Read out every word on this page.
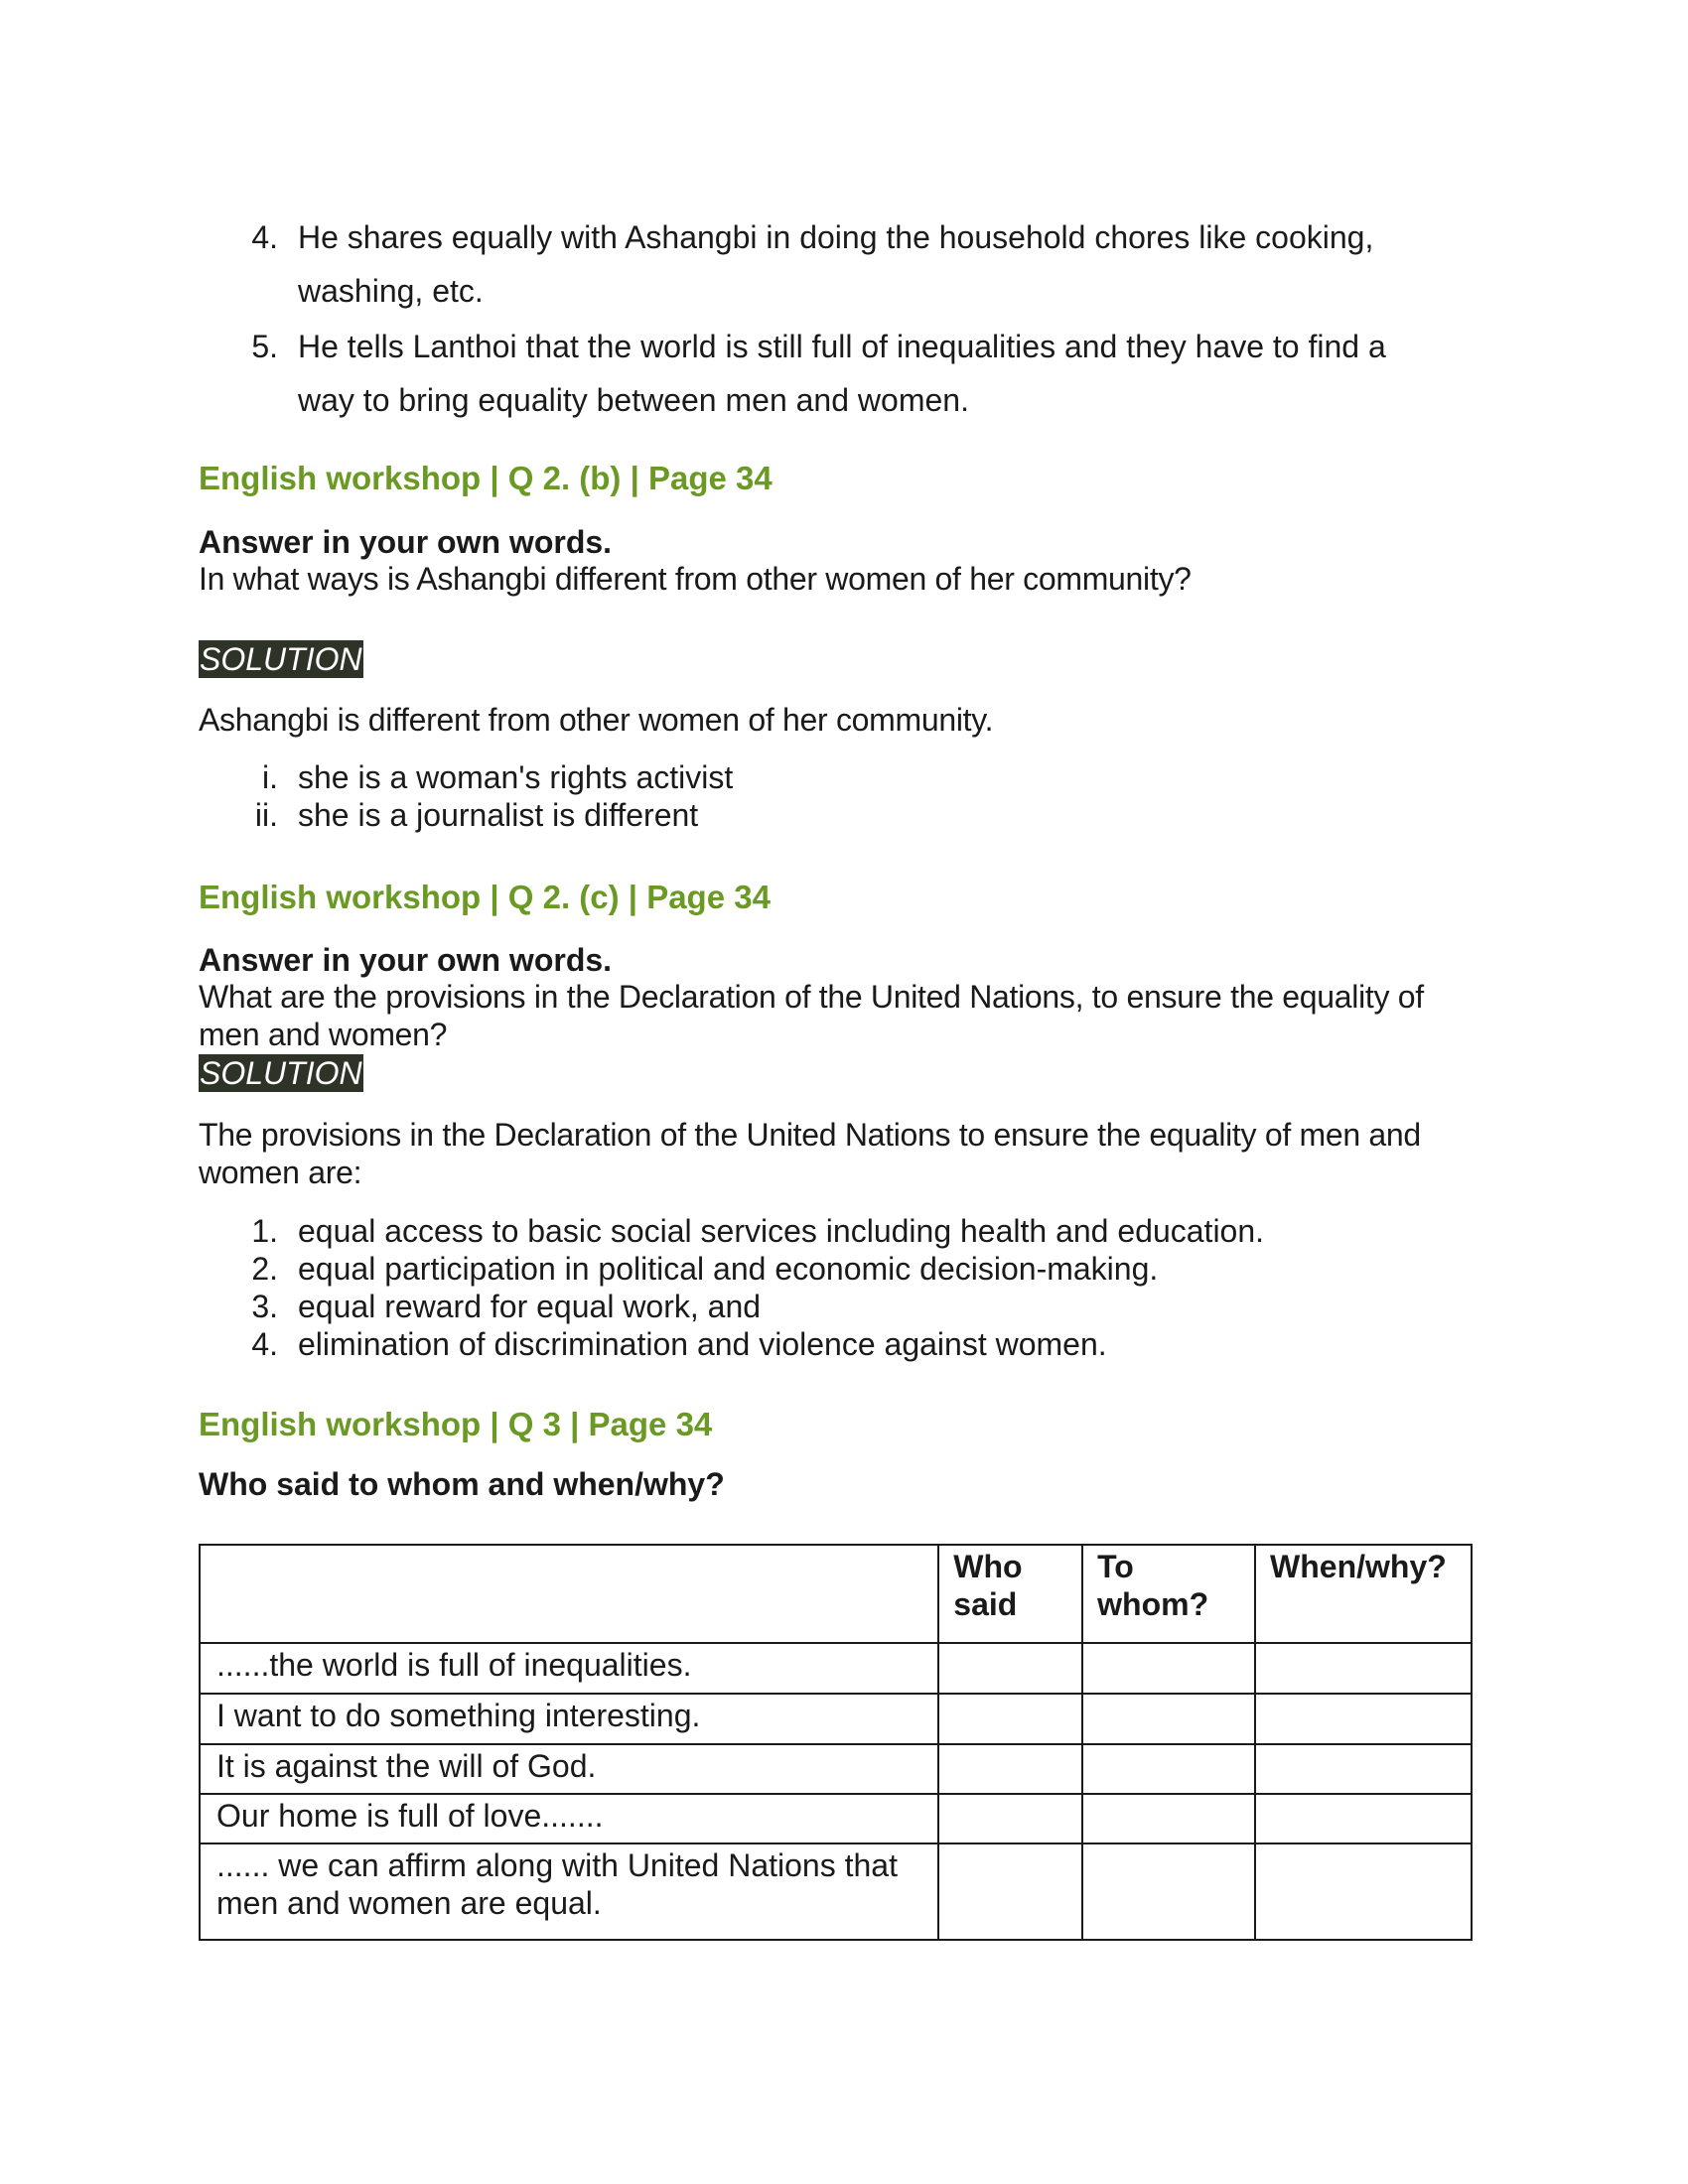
4. He shares equally with Ashangbi in doing the household chores like cooking, washing, etc.
5. He tells Lanthoi that the world is still full of inequalities and they have to find a way to bring equality between men and women.
English workshop | Q 2. (b) | Page 34
Answer in your own words.
In what ways is Ashangbi different from other women of her community?
SOLUTION
Ashangbi is different from other women of her community.
i. she is a woman's rights activist
ii. she is a journalist is different
English workshop | Q 2. (c) | Page 34
Answer in your own words.
What are the provisions in the Declaration of the United Nations, to ensure the equality of men and women?
SOLUTION
The provisions in the Declaration of the United Nations to ensure the equality of men and women are:
1. equal access to basic social services including health and education.
2. equal participation in political and economic decision-making.
3. equal reward for equal work, and
4. elimination of discrimination and violence against women.
English workshop | Q 3 | Page 34
Who said to whom and when/why?
	Who said	To whom?	When/why?
......the world is full of inequalities.			
I want to do something interesting.			
It is against the will of God.			
Our home is full of love.......			
...... we can affirm along with United Nations that men and women are equal.			
